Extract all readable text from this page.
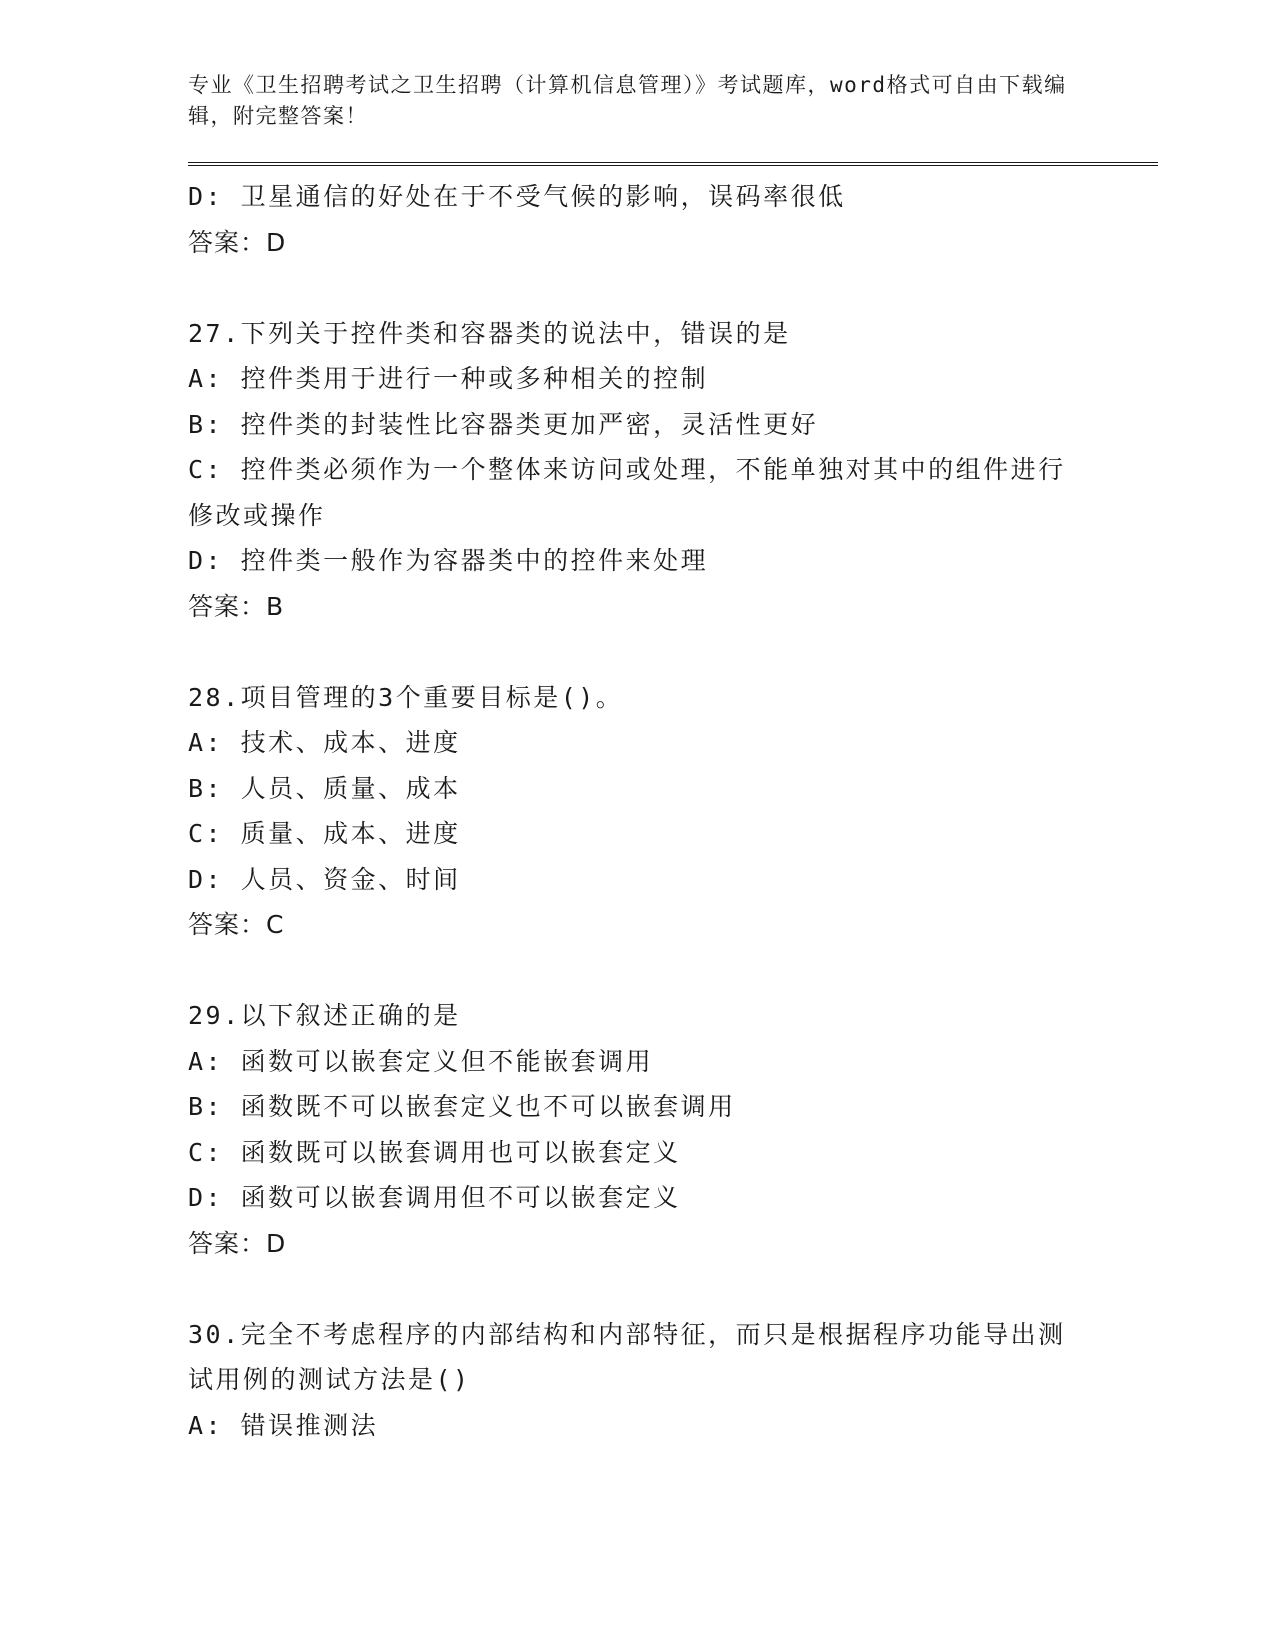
专业《卫生招聘考试之卫生招聘（计算机信息管理）》考试题库，word格式可自由下载编辑，附完整答案！
D: 卫星通信的好处在于不受气候的影响，误码率很低
答案：D
27.下列关于控件类和容器类的说法中，错误的是
A: 控件类用于进行一种或多种相关的控制
B: 控件类的封装性比容器类更加严密，灵活性更好
C: 控件类必须作为一个整体来访问或处理，不能单独对其中的组件进行修改或操作
D: 控件类一般作为容器类中的控件来处理
答案：B
28.项目管理的3个重要目标是()。
A: 技术、成本、进度
B: 人员、质量、成本
C: 质量、成本、进度
D: 人员、资金、时间
答案：C
29.以下叙述正确的是
A: 函数可以嵌套定义但不能嵌套调用
B: 函数既不可以嵌套定义也不可以嵌套调用
C: 函数既可以嵌套调用也可以嵌套定义
D: 函数可以嵌套调用但不可以嵌套定义
答案：D
30.完全不考虑程序的内部结构和内部特征，而只是根据程序功能导出测试用例的测试方法是()
A: 错误推测法
